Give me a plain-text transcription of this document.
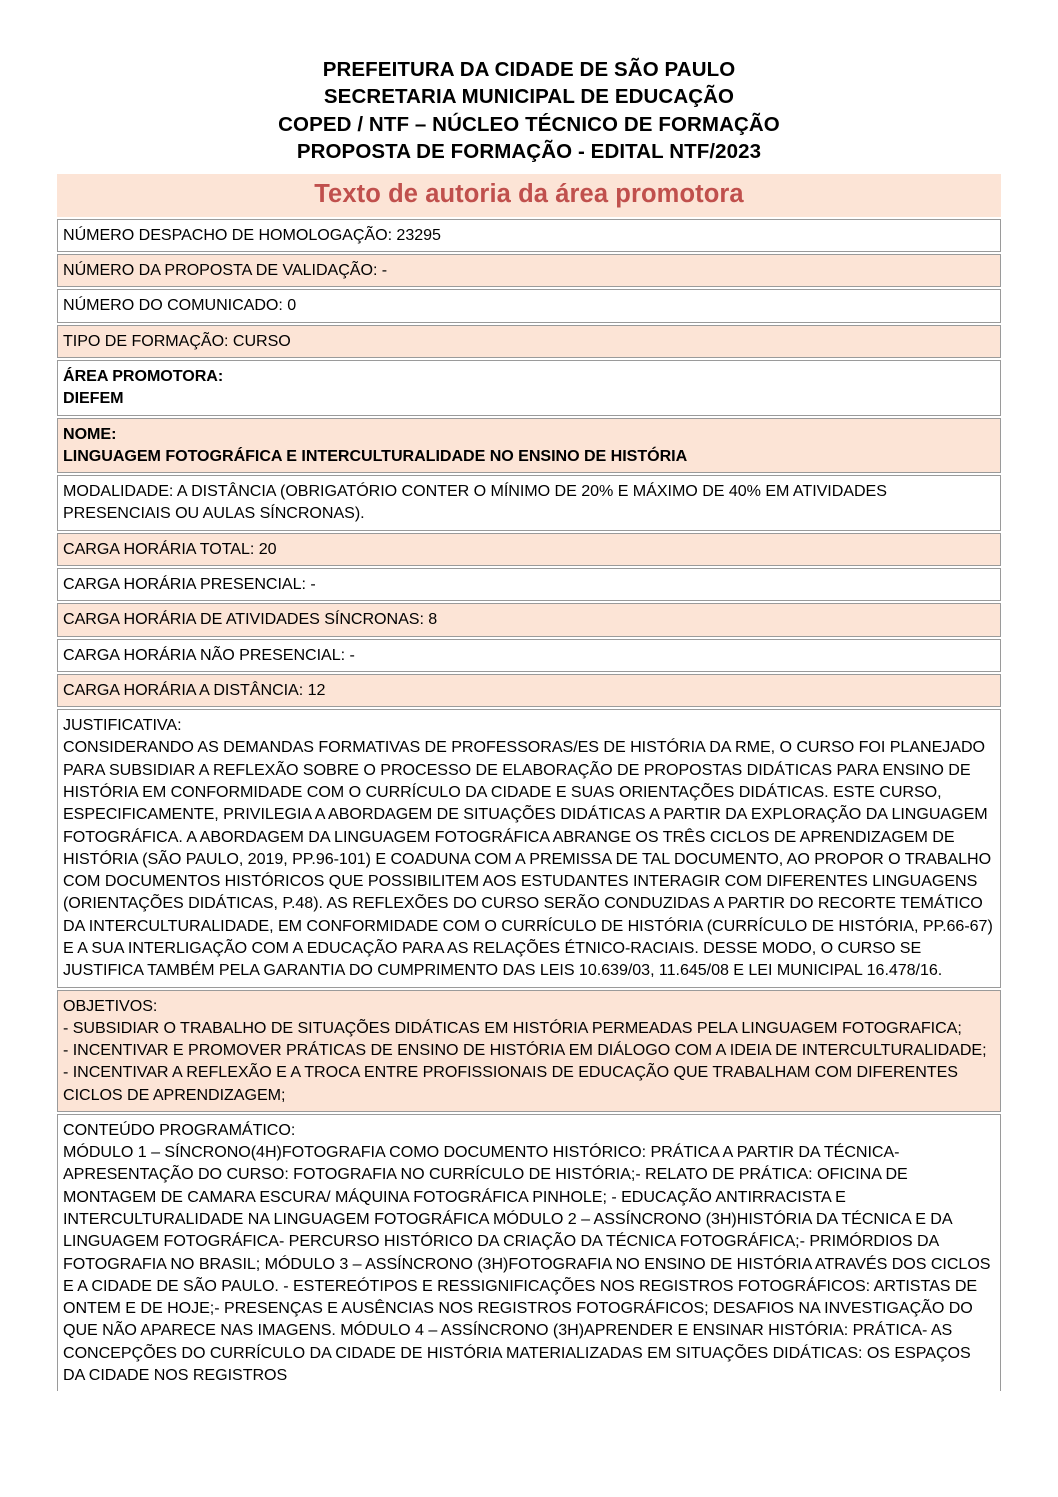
PREFEITURA DA CIDADE DE SÃO PAULO
SECRETARIA MUNICIPAL DE EDUCAÇÃO
COPED / NTF – NÚCLEO TÉCNICO DE FORMAÇÃO
PROPOSTA DE FORMAÇÃO - EDITAL NTF/2023
Texto de autoria da área promotora

NÚMERO DESPACHO DE HOMOLOGAÇÃO: 23295

NÚMERO DA PROPOSTA DE VALIDAÇÃO: -

NÚMERO DO COMUNICADO: 0

TIPO DE FORMAÇÃO: CURSO

ÁREA PROMOTORA:

DIEFEM

NOME:

LINGUAGEM FOTOGRÁFICA E INTERCULTURALIDADE NO ENSINO DE HISTÓRIA

MODALIDADE: A DISTÂNCIA (OBRIGATÓRIO CONTER O MÍNIMO DE 20% E MÁXIMO DE 40% EM ATIVIDADES PRESENCIAIS OU AULAS SÍNCRONAS).

CARGA HORÁRIA TOTAL: 20

CARGA HORÁRIA PRESENCIAL: -

CARGA HORÁRIA DE ATIVIDADES SÍNCRONAS: 8

CARGA HORÁRIA NÃO PRESENCIAL: -

CARGA HORÁRIA A DISTÂNCIA: 12

JUSTIFICATIVA:

CONSIDERANDO AS DEMANDAS FORMATIVAS DE PROFESSORAS/ES DE HISTÓRIA DA RME, O CURSO FOI PLANEJADO PARA SUBSIDIAR A REFLEXÃO SOBRE O PROCESSO DE ELABORAÇÃO DE PROPOSTAS DIDÁTICAS PARA ENSINO DE HISTÓRIA EM CONFORMIDADE COM O CURRÍCULO DA CIDADE E SUAS ORIENTAÇÕES DIDÁTICAS. ESTE CURSO, ESPECIFICAMENTE, PRIVILEGIA A ABORDAGEM DE SITUAÇÕES DIDÁTICAS A PARTIR DA EXPLORAÇÃO DA LINGUAGEM FOTOGRÁFICA. A ABORDAGEM DA LINGUAGEM FOTOGRÁFICA ABRANGE OS TRÊS CICLOS DE APRENDIZAGEM DE HISTÓRIA (SÃO PAULO, 2019, PP.96-101) E COADUNA COM A PREMISSA DE TAL DOCUMENTO, AO PROPOR O TRABALHO COM DOCUMENTOS HISTÓRICOS QUE POSSIBILITEM AOS ESTUDANTES INTERAGIR COM DIFERENTES LINGUAGENS (ORIENTAÇÕES DIDÁTICAS, P.48). AS REFLEXÕES DO CURSO SERÃO CONDUZIDAS A PARTIR DO RECORTE TEMÁTICO DA INTERCULTURALIDADE, EM CONFORMIDADE COM O CURRÍCULO DE HISTÓRIA (CURRÍCULO DE HISTÓRIA, PP.66-67) E A SUA INTERLIGAÇÃO COM A EDUCAÇÃO PARA AS RELAÇÕES ÉTNICO-RACIAIS. DESSE MODO, O CURSO SE JUSTIFICA TAMBÉM PELA GARANTIA DO CUMPRIMENTO DAS LEIS 10.639/03, 11.645/08 E LEI MUNICIPAL 16.478/16.

OBJETIVOS:

- SUBSIDIAR O TRABALHO DE SITUAÇÕES DIDÁTICAS EM HISTÓRIA PERMEADAS PELA LINGUAGEM FOTOGRAFICA;

- INCENTIVAR E PROMOVER PRÁTICAS DE ENSINO DE HISTÓRIA EM DIÁLOGO COM A IDEIA DE INTERCULTURALIDADE;

- INCENTIVAR A REFLEXÃO E A TROCA ENTRE PROFISSIONAIS DE EDUCAÇÃO QUE TRABALHAM COM DIFERENTES CICLOS DE APRENDIZAGEM;

CONTEÚDO PROGRAMÁTICO:

MÓDULO 1 – SÍNCRONO(4H)FOTOGRAFIA COMO DOCUMENTO HISTÓRICO: PRÁTICA A PARTIR DA TÉCNICA- APRESENTAÇÃO DO CURSO: FOTOGRAFIA NO CURRÍCULO DE HISTÓRIA;- RELATO DE PRÁTICA: OFICINA DE MONTAGEM DE CAMARA ESCURA/ MÁQUINA FOTOGRÁFICA PINHOLE; - EDUCAÇÃO ANTIRRACISTA E INTERCULTURALIDADE NA LINGUAGEM FOTOGRÁFICA MÓDULO 2 – ASSÍNCRONO (3H)HISTÓRIA DA TÉCNICA E DA LINGUAGEM FOTOGRÁFICA- PERCURSO HISTÓRICO DA CRIAÇÃO DA TÉCNICA FOTOGRÁFICA;- PRIMÓRDIOS DA FOTOGRAFIA NO BRASIL; MÓDULO 3 – ASSÍNCRONO (3H)FOTOGRAFIA NO ENSINO DE HISTÓRIA ATRAVÉS DOS CICLOS E A CIDADE DE SÃO PAULO. - ESTEREÓTIPOS E RESSIGNIFICAÇÕES NOS REGISTROS FOTOGRÁFICOS: ARTISTAS DE ONTEM E DE HOJE;- PRESENÇAS E AUSÊNCIAS NOS REGISTROS FOTOGRÁFICOS; DESAFIOS NA INVESTIGAÇÃO DO QUE NÃO APARECE NAS IMAGENS. MÓDULO 4 – ASSÍNCRONO (3H)APRENDER E ENSINAR HISTÓRIA: PRÁTICA- AS CONCEPÇÕES DO CURRÍCULO DA CIDADE DE HISTÓRIA MATERIALIZADAS EM SITUAÇÕES DIDÁTICAS: OS ESPAÇOS DA CIDADE NOS REGISTROS
